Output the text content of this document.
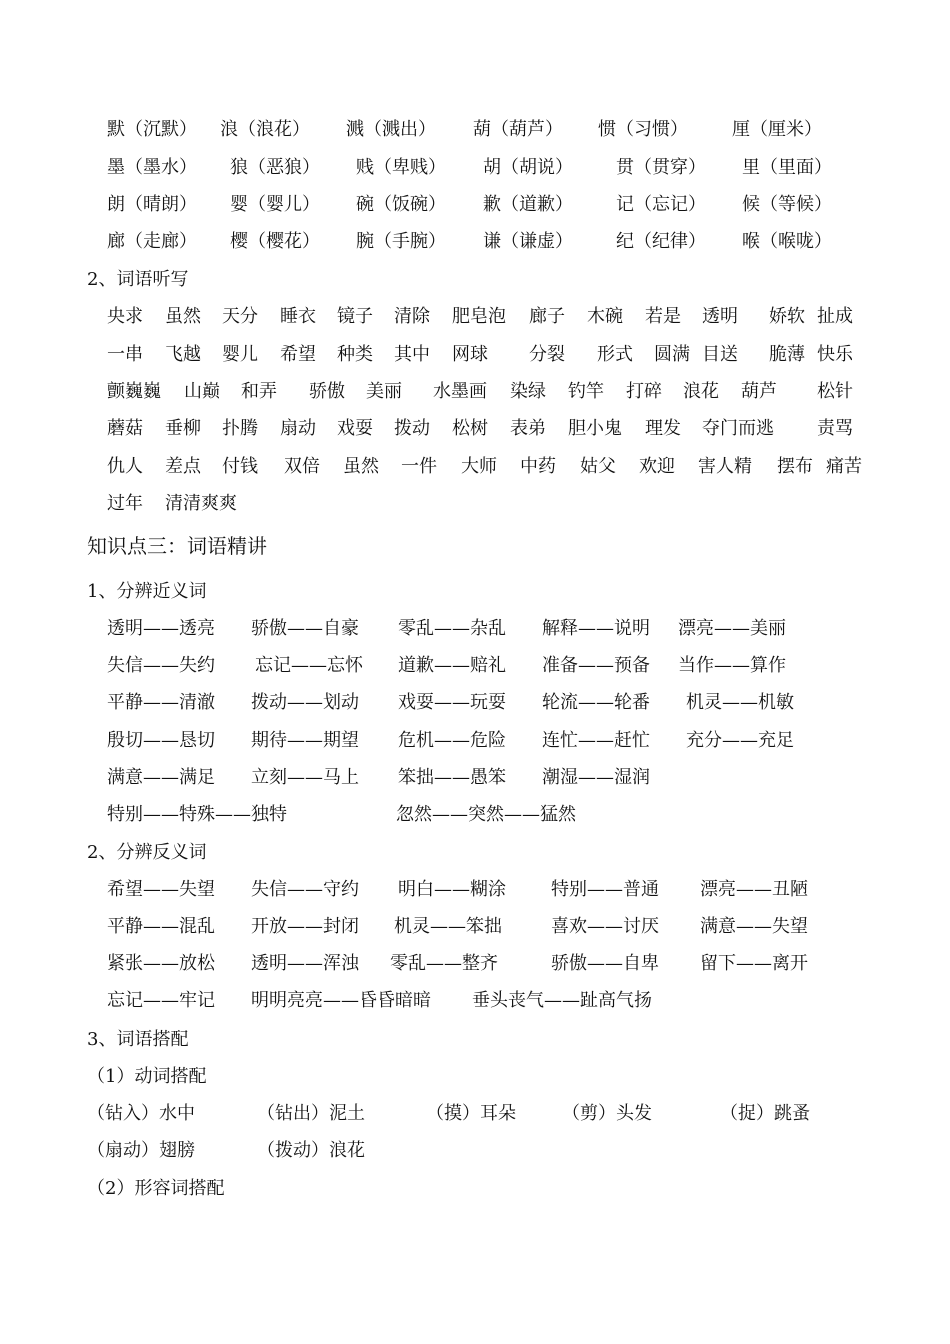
默（沉默） 浪（浪花） 溅（溅出） 葫（葫芦） 惯（习惯） 厘（厘米）
墨（墨水） 狼（恶狼） 贱（卑贱） 胡（胡说） 贯（贯穿） 里（里面）
朗（晴朗） 婴（婴儿） 碗（饭碗） 歉（道歉） 记（忘记） 候（等候）
廊（走廊） 樱（樱花） 腕（手腕） 谦（谦虚） 纪（纪律） 喉（喉咙）
2、词语听写
央求 虽然 天分 睡衣 镜子 清除 肥皂泡 廊子 木碗 若是 透明 娇软 扯成
一串 飞越 婴儿 希望 种类 其中 网球 分裂 形式 圆满 目送 脆薄 快乐
颤巍巍 山巅 和弄 骄傲 美丽 水墨画 染绿 钓竿 打碎 浪花 葫芦 松针
蘑菇 垂柳 扑腾 扇动 戏耍 拨动 松树 表弟 胆小鬼 理发 夺门而逃 责骂
仇人 差点 付钱 双倍 虽然 一件 大师 中药 姑父 欢迎 害人精 摆布 痛苦
过年 清清爽爽
知识点三：词语精讲
1、分辨近义词
透明——透亮 骄傲——自豪 零乱——杂乱 解释——说明 漂亮——美丽
失信——失约 忘记——忘怀 道歉——赔礼 准备——预备 当作——算作
平静——清澈 拨动——划动 戏耍——玩耍 轮流——轮番 机灵——机敏
殷切——恳切 期待——期望 危机——危险 连忙——赶忙 充分——充足
满意——满足 立刻——马上 笨拙——愚笨 潮湿——湿润
特别——特殊——独特	忽然——突然——猛然
2、分辨反义词
希望——失望 失信——守约 明白——糊涂	特别——普通 漂亮——丑陋
平静——混乱 开放——封闭 机灵——笨拙	喜欢——讨厌 满意——失望
紧张——放松 透明——浑浊 零乱——整齐	骄傲——自卑 留下——离开
忘记——牢记 明明亮亮——昏昏暗暗 垂头丧气——趾高气扬
3、词语搭配
（1）动词搭配
（钻入）水中	（钻出）泥土	（摸）耳朵	（剪）头发	（捉）跳蚤
（扇动）翅膀	（拨动）浪花
（2）形容词搭配
